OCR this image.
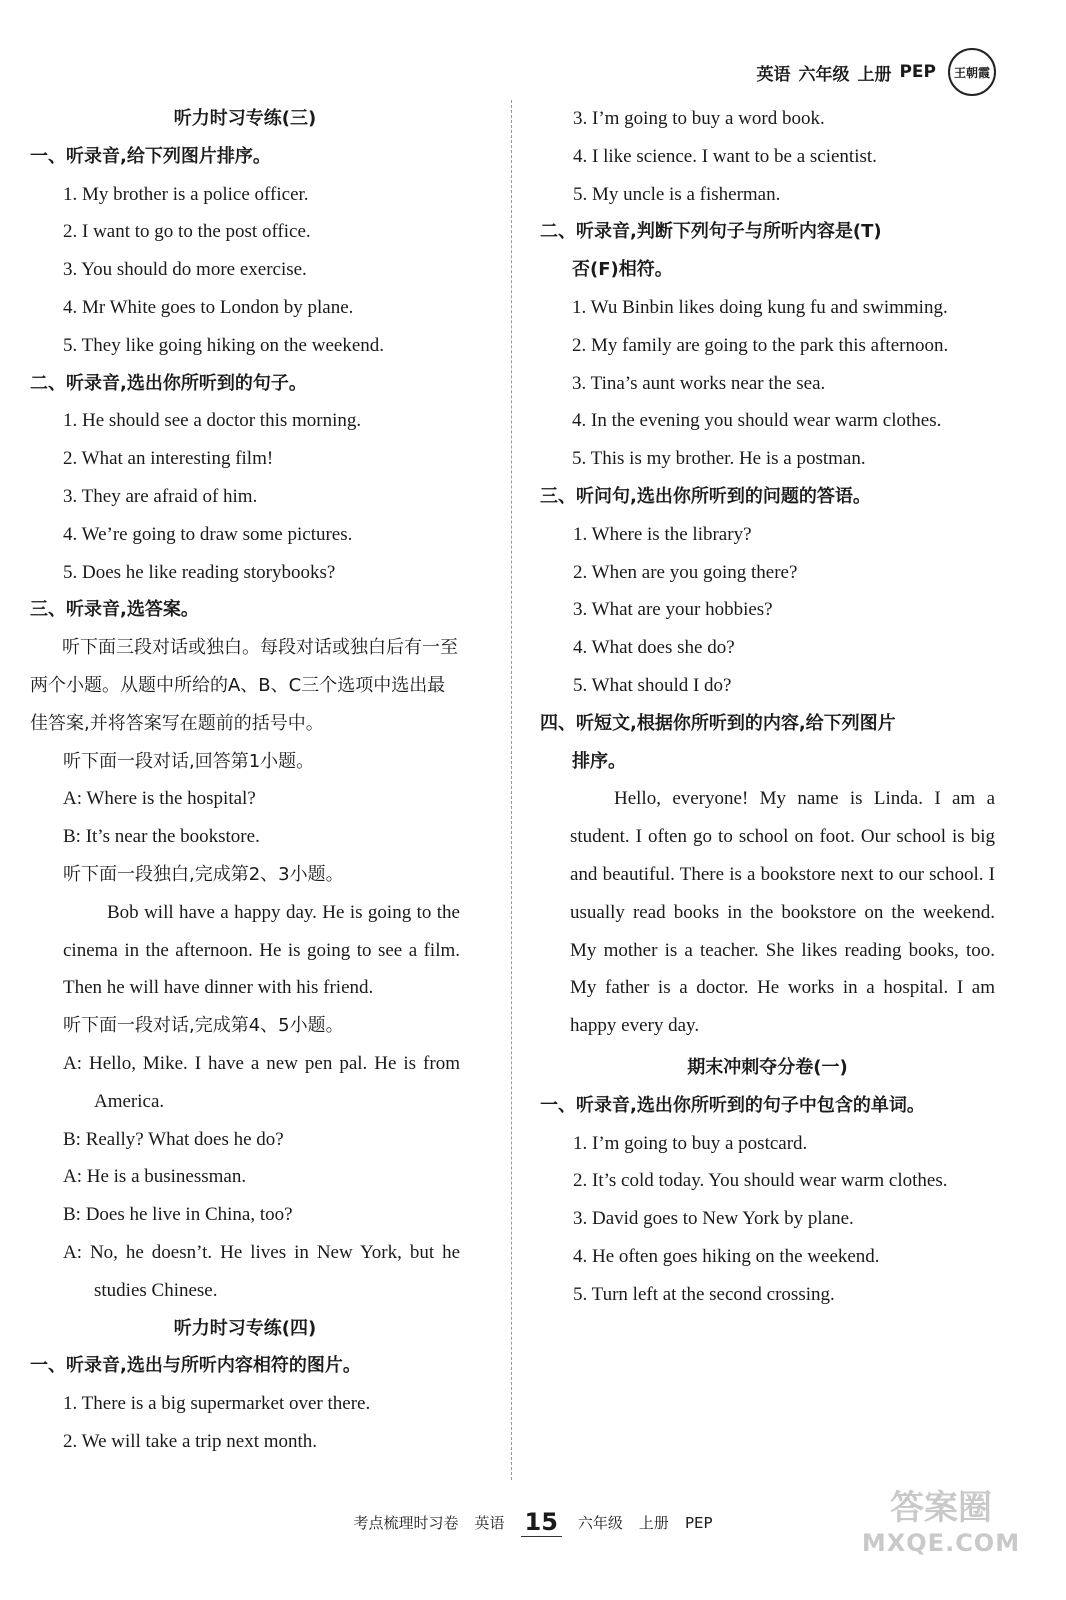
英语 六年级 上册 PEP 王朝霞
听力时习专练(三)
一、听录音,给下列图片排序。
1. My brother is a police officer.
2. I want to go to the post office.
3. You should do more exercise.
4. Mr White goes to London by plane.
5. They like going hiking on the weekend.
二、听录音,选出你所听到的句子。
1. He should see a doctor this morning.
2. What an interesting film!
3. They are afraid of him.
4. We’re going to draw some pictures.
5. Does he like reading storybooks?
三、听录音,选答案。
听下面三段对话或独白。每段对话或独白后有一至两个小题。从题中所给的A、B、C三个选项中选出最佳答案,并将答案写在题前的括号中。
听下面一段对话,回答第1小题。
A: Where is the hospital?
B: It’s near the bookstore.
听下面一段独白,完成第2、3小题。
Bob will have a happy day. He is going to the cinema in the afternoon. He is going to see a film. Then he will have dinner with his friend.
听下面一段对话,完成第4、5小题。
A: Hello, Mike. I have a new pen pal. He is from America.
B: Really? What does he do?
A: He is a businessman.
B: Does he live in China, too?
A: No, he doesn’t. He lives in New York, but he studies Chinese.
听力时习专练(四)
一、听录音,选出与所听内容相符的图片。
1. There is a big supermarket over there.
2. We will take a trip next month.
3. I’m going to buy a word book.
4. I like science. I want to be a scientist.
5. My uncle is a fisherman.
二、听录音,判断下列句子与所听内容是(T)
否(F)相符。
1. Wu Binbin likes doing kung fu and swimming.
2. My family are going to the park this afternoon.
3. Tina’s aunt works near the sea.
4. In the evening you should wear warm clothes.
5. This is my brother. He is a postman.
三、听问句,选出你所听到的问题的答语。
1. Where is the library?
2. When are you going there?
3. What are your hobbies?
4. What does she do?
5. What should I do?
四、听短文,根据你所听到的内容,给下列图片
排序。
Hello, everyone! My name is Linda. I am a student. I often go to school on foot. Our school is big and beautiful. There is a bookstore next to our school. I usually read books in the bookstore on the weekend. My mother is a teacher. She likes reading books, too. My father is a doctor. He works in a hospital. I am happy every day.
期末冲刺夺分卷(一)
一、听录音,选出你所听到的句子中包含的单词。
1. I’m going to buy a postcard.
2. It’s cold today. You should wear warm clothes.
3. David goes to New York by plane.
4. He often goes hiking on the weekend.
5. Turn left at the second crossing.
考点梳理时习卷 英语 15 六年级 上册 PEP	答案圈
MXQE.COM
